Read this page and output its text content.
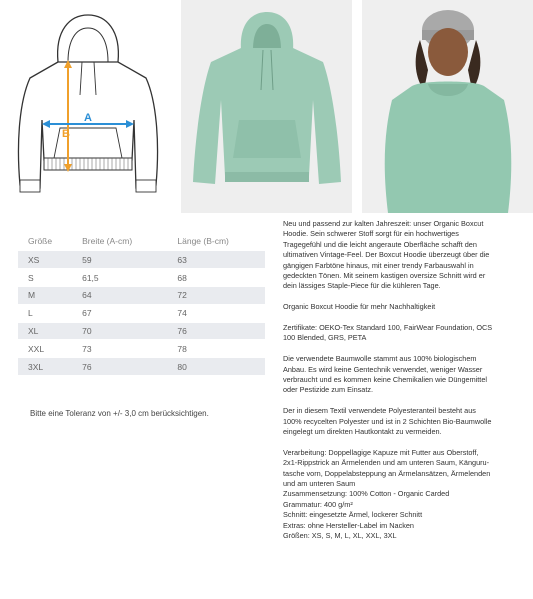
B
A
Größe	Breite (A-cm)	Länge (B-cm)
XS	59	63
S	61,5	68
M	64	72
L	67	74
XL	70	76
XXL	73	78
3XL	76	80
Bitte eine Toleranz von +/- 3,0 cm berücksichtigen.

Neu und passend zur kalten Jahreszeit: unser Organic Boxcut
Hoodie. Sein schwerer Stoff sorgt für ein hochwertiges
Tragegefühl und die leicht angeraute Oberfläche schafft den
ultimativen Vintage-Feel. Der Boxcut Hoodie überzeugt über die
gängigen Farbtöne hinaus, mit einer trendy Farbauswahl in
gedeckten Tönen. Mit seinem kastigen oversize Schnitt wird er
dein lässiges Staple-Piece für die kühleren Tage.

Organic Boxcut Hoodie für mehr Nachhaltigkeit

Zertifikate: OEKO-Tex Standard 100, FairWear Foundation, OCS
100 Blended, GRS, PETA

Die verwendete Baumwolle stammt aus 100% biologischem
Anbau. Es wird keine Gentechnik verwendet, weniger Wasser
verbraucht und es kommen keine Chemikalien wie Düngemittel
oder Pestizide zum Einsatz.

Der in diesem Textil verwendete Polyesteranteil besteht aus
100% recycelten Polyester und ist in 2 Schichten Bio-Baumwolle
eingelegt um direkten Hautkontakt zu vermeiden.

Verarbeitung: Doppellagige Kapuze mit Futter aus Oberstoff,
2x1-Rippstrick an Ärmelenden und am unteren Saum, Känguru-
tasche vorn, Doppelabsteppung an Ärmelansätzen, Ärmelenden
und am unteren Saum
Zusammensetzung: 100% Cotton - Organic Carded
Grammatur: 400 g/m²
Schnitt: eingesetzte Ärmel, lockerer Schnitt
Extras: ohne Hersteller-Label im Nacken
Größen: XS, S, M, L, XL, XXL, 3XL
